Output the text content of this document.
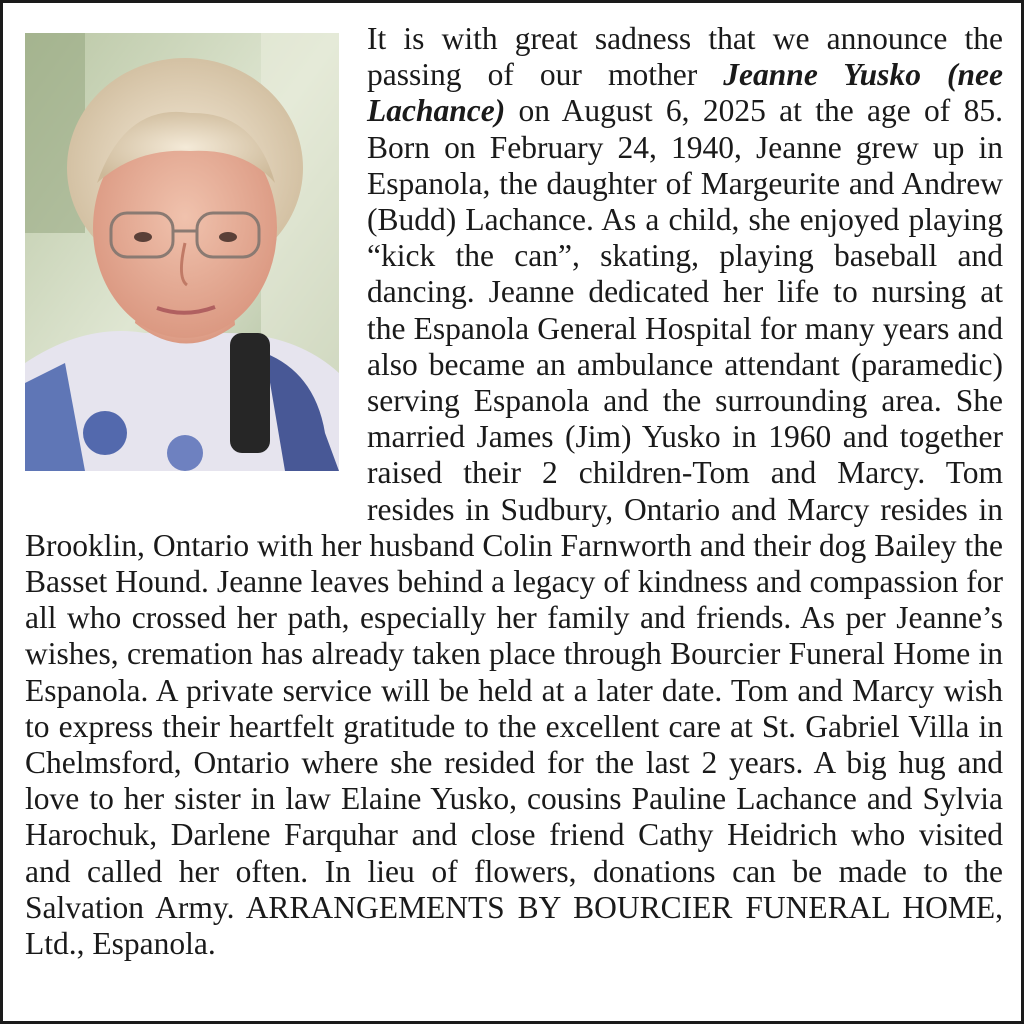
It is with great sadness that we announce the passing of our mother Jeanne Yusko (nee Lachance) on August 6, 2025 at the age of 85. Born on February 24, 1940, Jeanne grew up in Espanola, the daughter of Margeurite and Andrew (Budd) Lachance. As a child, she enjoyed playing “kick the can”, skating, playing baseball and dancing. Jeanne dedicated her life to nursing at the Espanola General Hospital for many years and also became an ambulance attendant (paramedic) serving Espanola and the surrounding area. She married James (Jim) Yusko in 1960 and together raised their 2 children-Tom and Marcy. Tom resides in Sudbury, Ontario and Marcy resides in Brooklin, Ontario with her husband Colin Farnworth and their dog Bailey the Basset Hound. Jeanne leaves behind a legacy of kindness and compassion for all who crossed her path, especially her family and friends. As per Jeanne’s wishes, cremation has already taken place through Bourcier Funeral Home in Espanola. A private service will be held at a later date. Tom and Marcy wish to express their heartfelt gratitude to the excellent care at St. Gabriel Villa in Chelmsford, Ontario where she resided for the last 2 years. A big hug and love to her sister in law Elaine Yusko, cousins Pauline Lachance and Sylvia Harochuk, Darlene Farquhar and close friend Cathy Heidrich who visited and called her often. In lieu of flowers, donations can be made to the Salvation Army. ARRANGEMENTS BY BOURCIER FUNERAL HOME, Ltd., Espanola.
